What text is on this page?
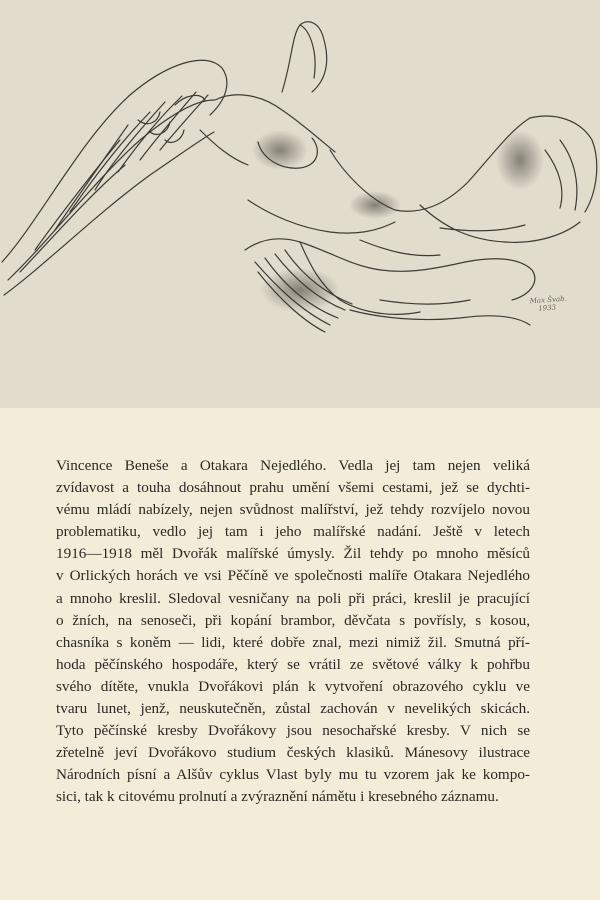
Max Švab.
1933
Vincence Beneše a Otakara Nejedlého. Vedla jej tam nejen veliká
zvídavost a touha dosáhnout prahu umění všemi cestami, jež se dychti-
vému mládí nabízely, nejen svůdnost malířství, jež tehdy rozvíjelo novou
problematiku, vedlo jej tam i jeho malířské nadání. Ještě v letech
1916—1918 měl Dvořák malířské úmysly. Žil tehdy po mnoho měsíců
v Orlických horách ve vsi Pěčíně ve společnosti malíře Otakara Nejedlého
a mnoho kreslil. Sledoval vesničany na poli při práci, kreslil je pracující
o žních, na senoseči, při kopání brambor, děvčata s povřísly, s kosou,
chasníka s koněm — lidi, které dobře znal, mezi nimiž žil. Smutná pří-
hoda pěčínského hospodáře, který se vrátil ze světové války k pohřbu
svého dítěte, vnukla Dvořákovi plán k vytvoření obrazového cyklu ve
tvaru lunet, jenž, neuskutečněn, zůstal zachován v nevelikých skicách.
Tyto pěčínské kresby Dvořákovy jsou nesochařské kresby. V nich se
zřetelně jeví Dvořákovo studium českých klasiků. Mánesovy ilustrace
Národních písní a Alšův cyklus Vlast byly mu tu vzorem jak ke kompo-
sici, tak k citovému prolnutí a zvýraznění námětu i kresebného záznamu.
